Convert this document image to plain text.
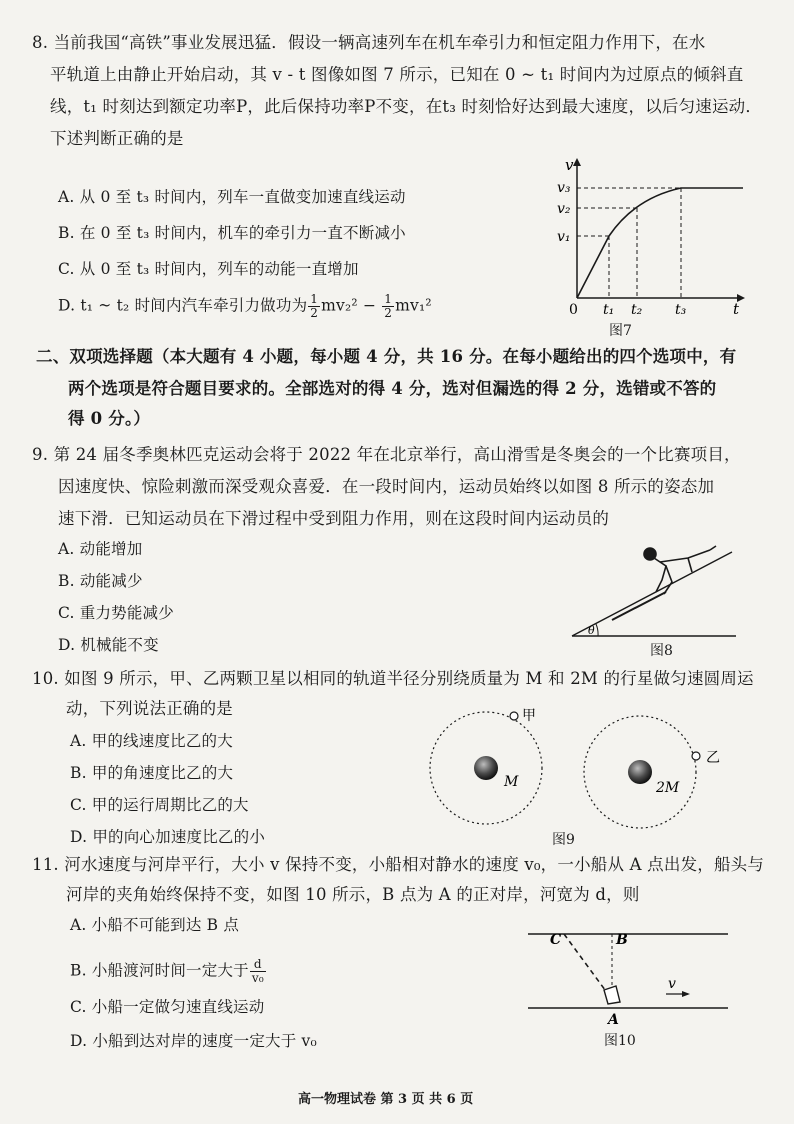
8. 当前我国“高铁”事业发展迅猛．假设一辆高速列车在机车牵引力和恒定阻力作用下，在水
平轨道上由静止开始启动，其 v - t 图像如图 7 所示，已知在 0 ~ t₁ 时间内为过原点的倾斜直
线，t₁ 时刻达到额定功率P，此后保持功率P不变，在t₃ 时刻恰好达到最大速度，以后匀速运动．
下述判断正确的是
A. 从 0 至 t₃ 时间内，列车一直做变加速直线运动
B. 在 0 至 t₃ 时间内，机车的牵引力一直不断减小
C. 从 0 至 t₃ 时间内，列车的动能一直增加
D. t₁ ~ t₂ 时间内汽车牵引力做功为 $\frac{1}{2} mv_2^2 - \frac{1}{2} mv_1^2$
v
v₃
v₂
v₁
0 t₁ t₂ t₃	t
图7
二、双项选择题（本大题有 4 小题，每小题 4 分，共 16 分。在每小题给出的四个选项中，有
两个选项是符合题目要求的。全部选对的得 4 分，选对但漏选的得 2 分，选错或不答的
得 0 分。）
9. 第 24 届冬季奥林匹克运动会将于 2022 年在北京举行，高山滑雪是冬奥会的一个比赛项目，
因速度快、惊险刺激而深受观众喜爱．在一段时间内，运动员始终以如图 8 所示的姿态加
速下滑．已知运动员在下滑过程中受到阻力作用，则在这段时间内运动员的
A. 动能增加
B. 动能减少
C. 重力势能减少
D. 机械能不变
θ
图8
10. 如图 9 所示，甲、乙两颗卫星以相同的轨道半径分别绕质量为 M 和 2M 的行星做匀速圆周运
动，下列说法正确的是
A. 甲的线速度比乙的大
B. 甲的角速度比乙的大
C. 甲的运行周期比乙的大
D. 甲的向心加速度比乙的小
M
甲
2M
乙
图9
11. 河水速度与河岸平行，大小 v 保持不变，小船相对静水的速度 v₀，一小船从 A 点出发，船头与
河岸的夹角始终保持不变，如图 10 所示，B 点为 A 的正对岸，河宽为 d，则
A. 小船不可能到达 B 点
B. 小船渡河时间一定大于 $\frac{d}{\text{v₀}}$
C. 小船一定做匀速直线运动
D. 小船到达对岸的速度一定大于 v₀
v
C	B
A
图10
高一物理试卷 第 3 页 共 6 页
